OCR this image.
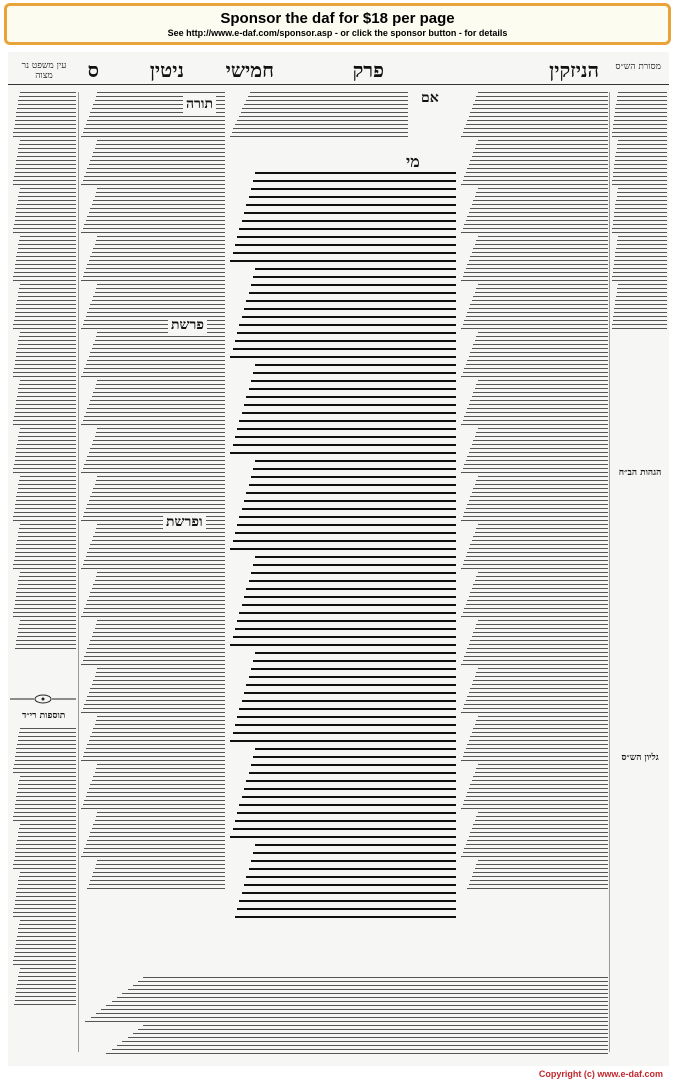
Sponsor the daf for $18 per page
See http://www.e-daf.com/sponsor.asp - or click the sponsor button - for details
מסורת הש״ס
הניזקין
פרק
חמישי
ניטין
ס
עין משפט נר מצוה
גליון הש״ס
הגהות הב״ח
מי
אם
תורה
פרשת
ופרשת
תוספות רי״ד
Copyright (c) www.e-daf.com
